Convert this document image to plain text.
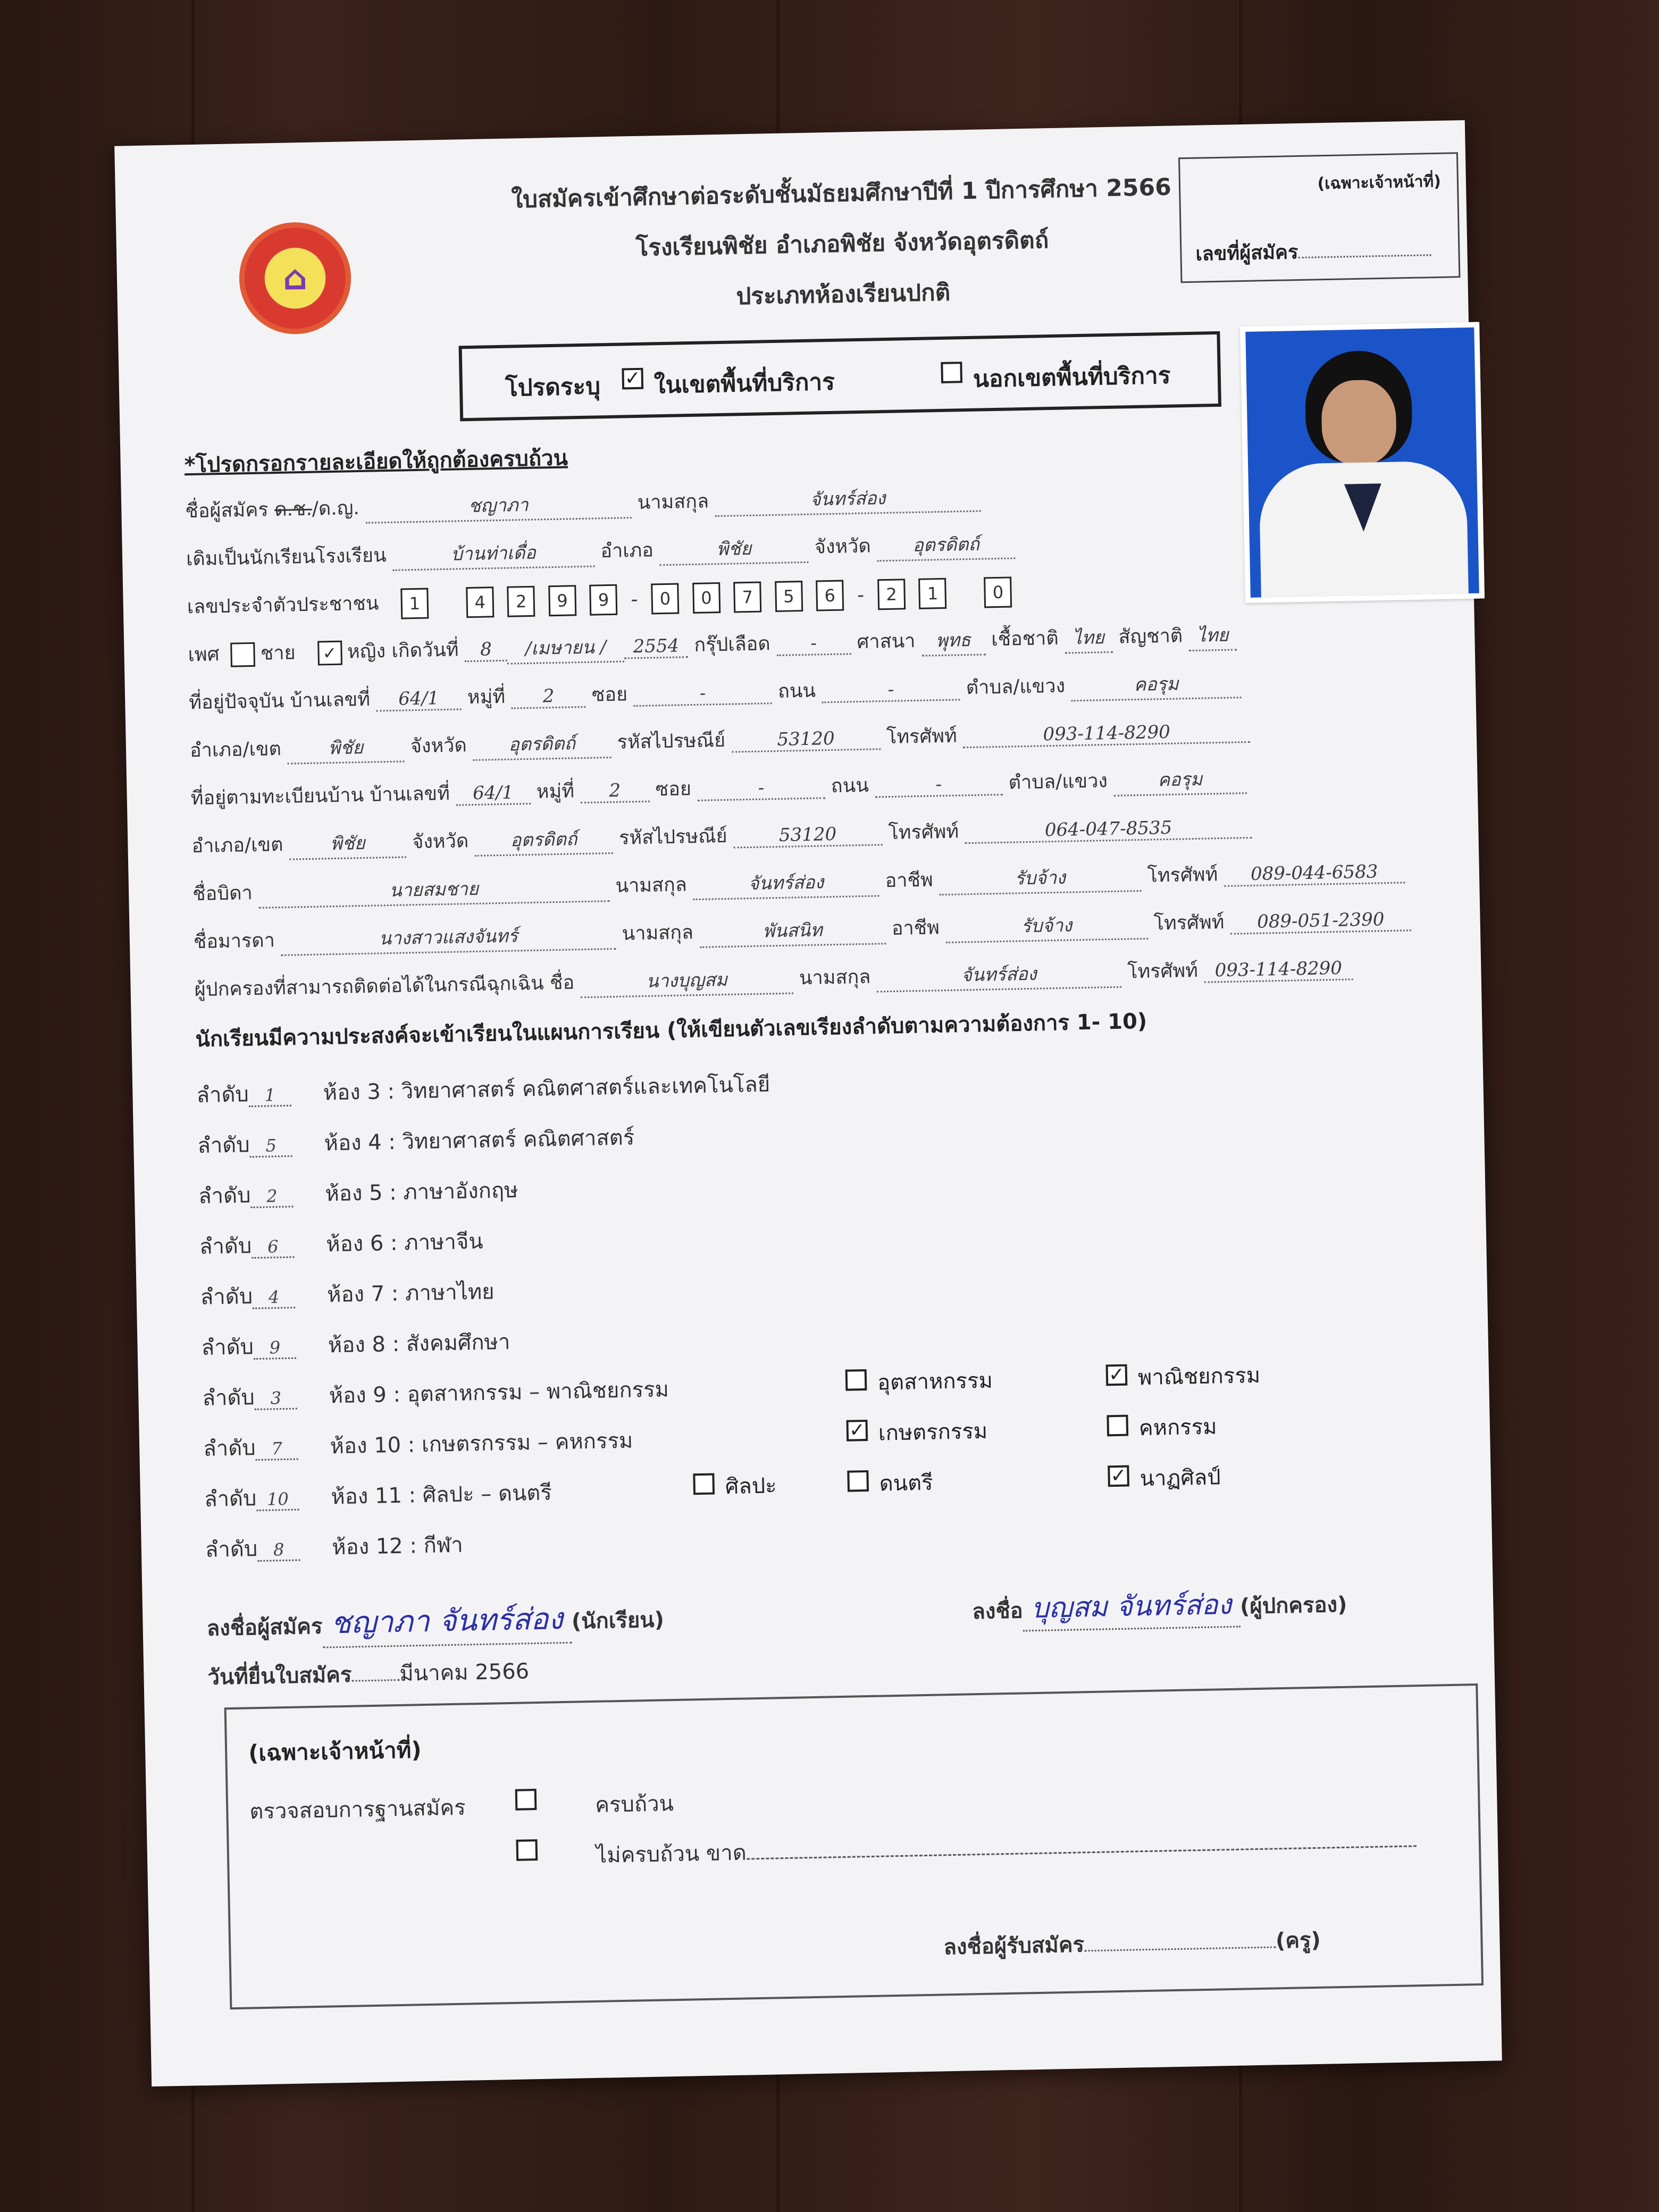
⌂
ใบสมัครเข้าศึกษาต่อระดับชั้นมัธยมศึกษาปีที่ 1 ปีการศึกษา 2566
โรงเรียนพิชัย อำเภอพิชัย จังหวัดอุตรดิตถ์
ประเภทห้องเรียนปกติ
(เฉพาะเจ้าหน้าที่)
เลขที่ผู้สมัคร
โปรดระบุ ✓ ในเขตพื้นที่บริการ	นอกเขตพื้นที่บริการ
*โปรดกรอกรายละเอียดให้ถูกต้องครบถ้วน
ชื่อผู้สมัคร ด.ช./ด.ญ.	ชญาภา	นามสกุล	จันทร์ส่อง
เดิมเป็นนักเรียนโรงเรียน	บ้านท่าเดื่อ	อำเภอ	พิชัย	จังหวัด อุตรดิตถ์
เลขประจำตัวประชาชน 1	4 2 9 9 - 0 0 7 5 6 - 2 1	0
เพศ ชาย ✓ หญิง เกิดวันที่ 8 /เมษายน / 2554 กรุ๊ปเลือด - ศาสนา พุทธ เชื้อชาติ ไทย สัญชาติ ไทย
ที่อยู่ปัจจุบัน บ้านเลขที่ 64/1 หมู่ที่ 2 ซอย	-	ถนน	-	ตำบล/แขวง	คอรุม
อำเภอ/เขต	พิชัย จังหวัด อุตรดิตถ์ รหัสไปรษณีย์	53120	โทรศัพท์	093-114-8290
ที่อยู่ตามทะเบียนบ้าน บ้านเลขที่ 64/1 หมู่ที่ 2 ซอย	-	ถนน	-	ตำบล/แขวง	คอรุม
อำเภอ/เขต	พิชัย จังหวัด อุตรดิตถ์ รหัสไปรษณีย์	53120	โทรศัพท์	064-047-8535
ชื่อบิดา	นายสมชาย	นามสกุล	จันทร์ส่อง	อาชีพ	รับจ้าง	โทรศัพท์ 089-044-6583
ชื่อมารดา	นางสาวแสงจันทร์	นามสกุล	พันสนิท	อาชีพ	รับจ้าง	โทรศัพท์ 089-051-2390
ผู้ปกครองที่สามารถติดต่อได้ในกรณีฉุกเฉิน ชื่อ	นางบุญสม	นามสกุล	จันทร์ส่อง	โทรศัพท์ 093-114-8290
นักเรียนมีความประสงค์จะเข้าเรียนในแผนการเรียน (ให้เขียนตัวเลขเรียงลำดับตามความต้องการ 1- 10)
ลำดับ 1 ห้อง 3 : วิทยาศาสตร์ คณิตศาสตร์และเทคโนโลยี
ลำดับ 5 ห้อง 4 : วิทยาศาสตร์ คณิตศาสตร์
ลำดับ 2 ห้อง 5 : ภาษาอังกฤษ
ลำดับ 6 ห้อง 6 : ภาษาจีน
ลำดับ 4 ห้อง 7 : ภาษาไทย
ลำดับ 9 ห้อง 8 : สังคมศึกษา
ลำดับ 3 ห้อง 9 : อุตสาหกรรม – พาณิชยกรรม
ลำดับ 7 ห้อง 10 : เกษตรกรรม – คหกรรม
ลำดับ 10 ห้อง 11 : ศิลปะ – ดนตรี
ลำดับ 8 ห้อง 12 : กีฬา
อุตสาหกรรม	✓ พาณิชยกรรม
✓ เกษตรกรรม	คหกรรม
ศิลปะ	ดนตรี	✓ นาฏศิลป์
ลงชื่อผู้สมัคร ชญาภา จันทร์ส่อง (นักเรียน)	ลงชื่อ บุญสม จันทร์ส่อง (ผู้ปกครอง)
วันที่ยื่นใบสมัคร มีนาคม 2566
(เฉพาะเจ้าหน้าที่)
ตรวจสอบการฐานสมัคร	ครบถ้วน
ไม่ครบถ้วน ขาด
ลงชื่อผู้รับสมัคร	(ครู)
